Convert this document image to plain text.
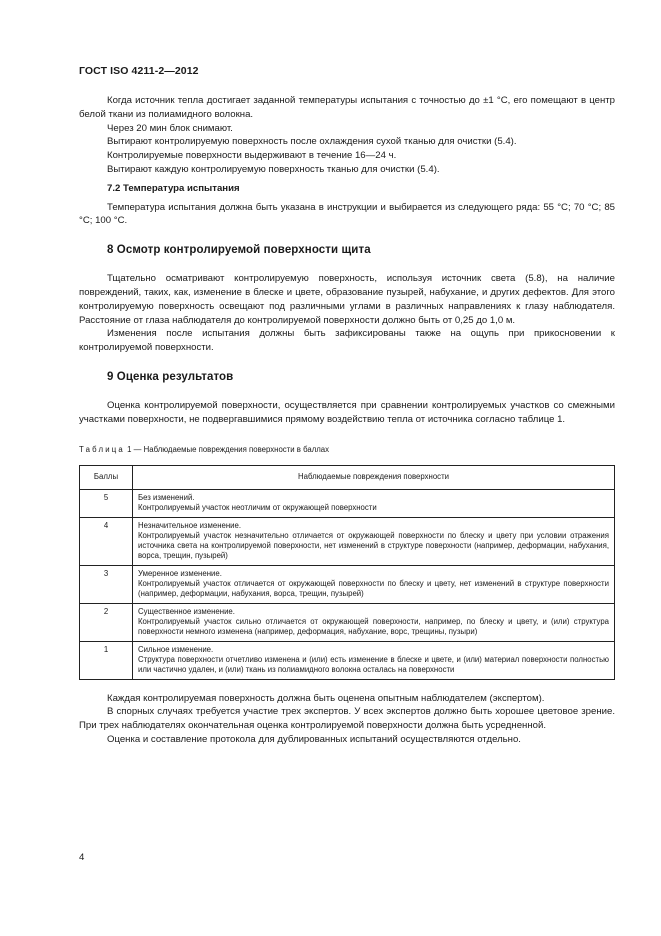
ГОСТ ISO 4211-2—2012

Когда источник тепла достигает заданной температуры испытания с точностью до ±1 °С, его помещают в центр белой ткани из полиамидного волокна.

Через 20 мин блок снимают.

Вытирают контролируемую поверхность после охлаждения сухой тканью для очистки (5.4).

Контролируемые поверхности выдерживают в течение 16—24 ч.

Вытирают каждую контролируемую поверхность тканью для очистки (5.4).

7.2 Температура испытания

Температура испытания должна быть указана в инструкции и выбирается из следующего ряда: 55 °С; 70 °С; 85 °С; 100 °С.

8 Осмотр контролируемой поверхности щита

Тщательно осматривают контролируемую поверхность, используя источник света (5.8), на наличие повреждений, таких, как, изменение в блеске и цвете, образование пузырей, набухание, и других дефектов. Для этого контролируемую поверхность освещают под различными углами в различных направлениях к глазу наблюдателя. Расстояние от глаза наблюдателя до контролируемой поверхности должно быть от 0,25 до 1,0 м.

Изменения после испытания должны быть зафиксированы также на ощупь при прикосновении к контролируемой поверхности.

9 Оценка результатов

Оценка контролируемой поверхности, осуществляется при сравнении контролируемых участков со смежными участками поверхности, не подвергавшимися прямому воздействию тепла от источника согласно таблице 1.

Таблица 1 — Наблюдаемые повреждения поверхности в баллах
Баллы	Наблюдаемые повреждения поверхности
5	Без изменений.
Контролируемый участок неотличим от окружающей поверхности

4	Незначительное изменение.
Контролируемый участок незначительно отличается от окружающей поверхности по блеску и цвету при условии отражения источника света на контролируемой поверхности, нет изменений в структуре поверхности (например, деформации, набухания, ворса, трещин, пузырей)

3	Умеренное изменение.
Контролируемый участок отличается от окружающей поверхности по блеску и цвету, нет изменений в структуре поверхности (например, деформации, набухания, ворса, трещин, пузырей)

2	Существенное изменение.
Контролируемый участок сильно отличается от окружающей поверхности, например, по блеску и цвету, и (или) структура поверхности немного изменена (например, деформация, набухание, ворс, трещины, пузыри)

1	Сильное изменение.
Структура поверхности отчетливо изменена и (или) есть изменение в блеске и цвете, и (или) материал поверхности полностью или частично удален, и (или) ткань из полиамидного волокна осталась на поверхности

Каждая контролируемая поверхность должна быть оценена опытным наблюдателем (экспертом).

В спорных случаях требуется участие трех экспертов. У всех экспертов должно быть хорошее цветовое зрение. При трех наблюдателях окончательная оценка контролируемой поверхности должна быть усредненной.

Оценка и составление протокола для дублированных испытаний осуществляются отдельно.

4
